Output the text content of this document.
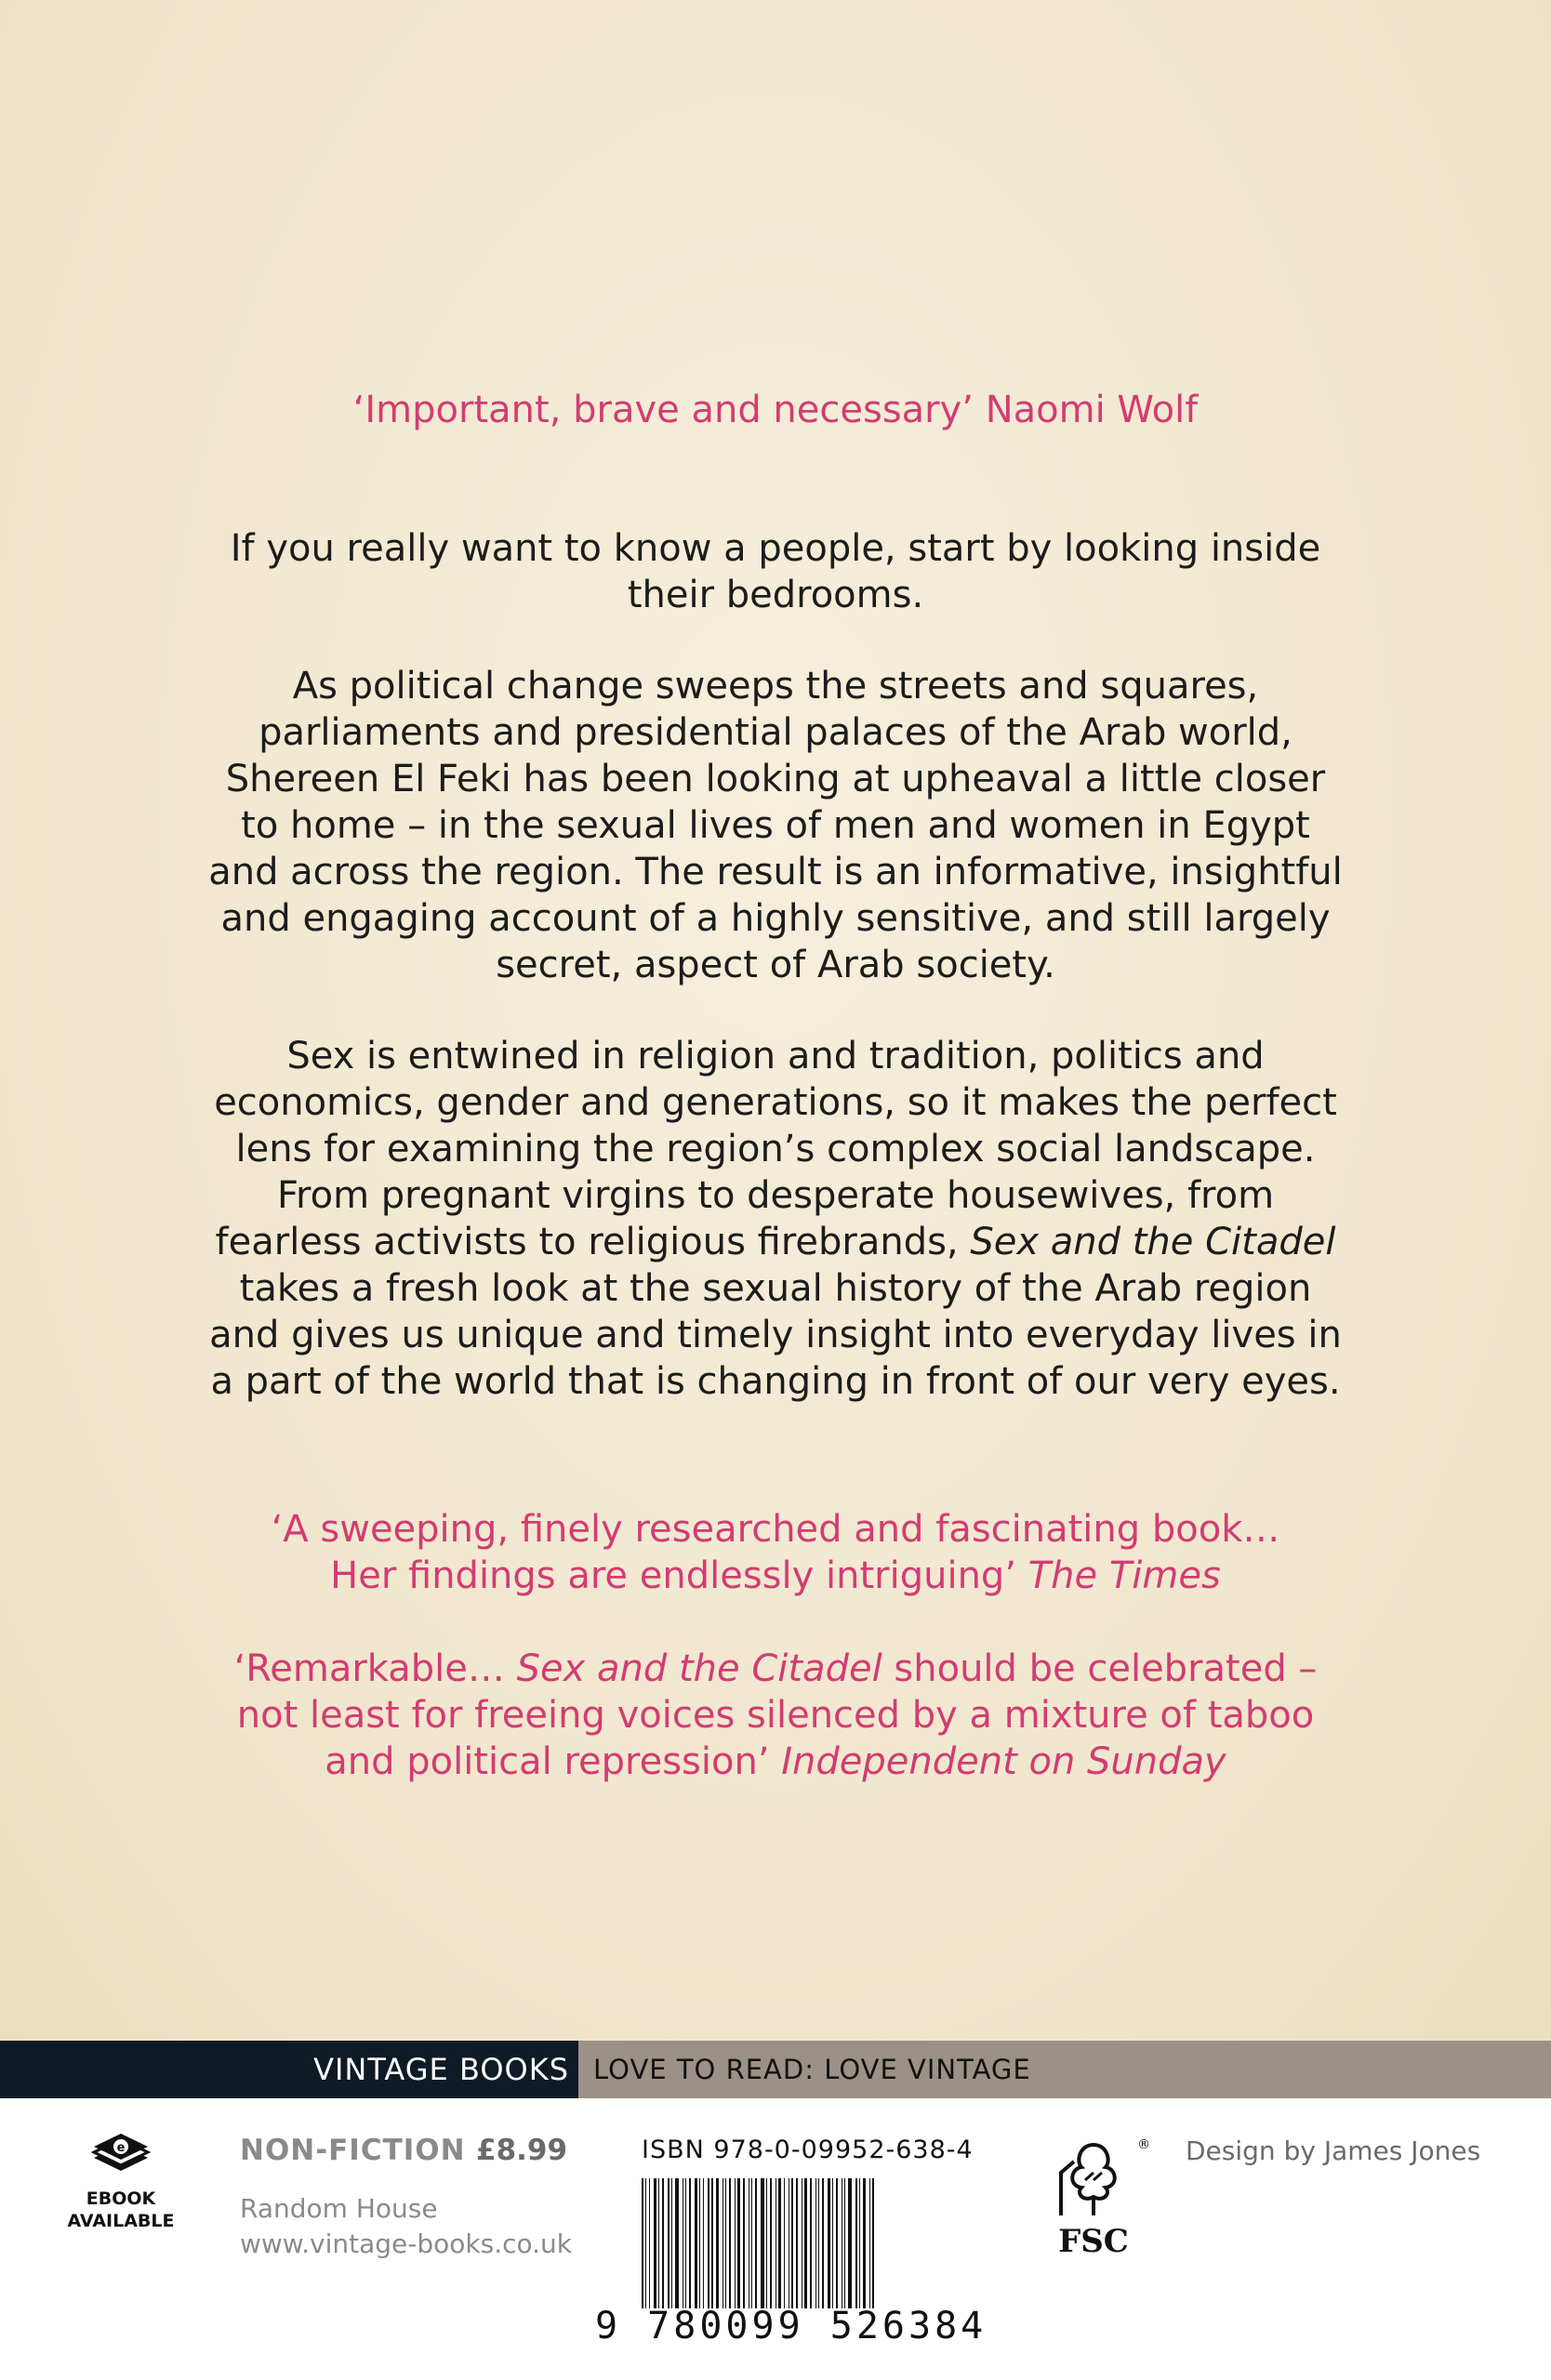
‘Important, brave and necessary’ Naomi Wolf

If you really want to know a people, start by looking inside
their bedrooms.

As political change sweeps the streets and squares,
parliaments and presidential palaces of the Arab world,
Shereen El Feki has been looking at upheaval a little closer
to home – in the sexual lives of men and women in Egypt
and across the region. The result is an informative, insightful
and engaging account of a highly sensitive, and still largely
secret, aspect of Arab society.

Sex is entwined in religion and tradition, politics and
economics, gender and generations, so it makes the perfect
lens for examining the region’s complex social landscape.
From pregnant virgins to desperate housewives, from
fearless activists to religious firebrands, Sex and the Citadel
takes a fresh look at the sexual history of the Arab region
and gives us unique and timely insight into everyday lives in
a part of the world that is changing in front of our very eyes.

‘A sweeping, finely researched and fascinating book…
Her findings are endlessly intriguing’ The Times
‘Remarkable… Sex and the Citadel should be celebrated –
not least for freeing voices silenced by a mixture of taboo
and political repression’ Independent on Sunday
VINTAGE BOOKS LOVE TO READ: LOVE VINTAGE
e
EBOOK
AVAILABLE
NON-FICTION £8.99
Random House
www.vintage-books.co.uk
ISBN 978-0-09952-638-4
9 780099 526384
®
FSC
Design by James Jones
